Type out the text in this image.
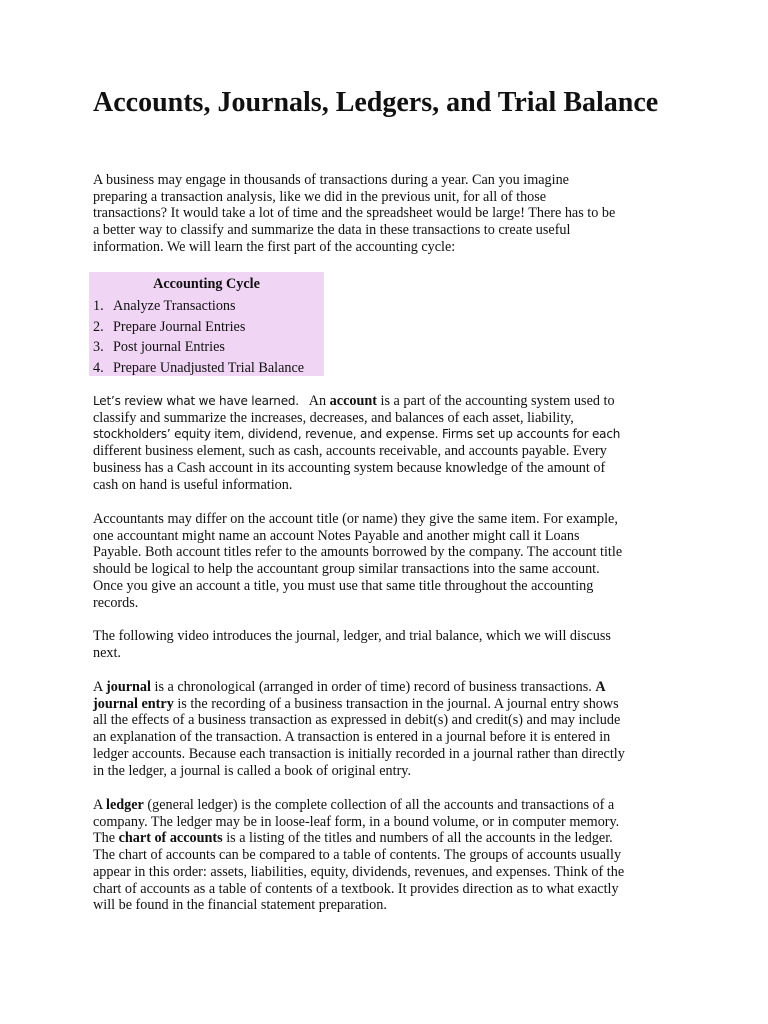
Accounts, Journals, Ledgers, and Trial Balance

A business may engage in thousands of transactions during a year. Can you imagine
preparing a transaction analysis, like we did in the previous unit, for all of those
transactions? It would take a lot of time and the spreadsheet would be large! There has to be
a better way to classify and summarize the data in these transactions to create useful
information. We will learn the first part of the accounting cycle:

Accounting Cycle

1. Analyze Transactions
2. Prepare Journal Entries
3. Post journal Entries
4. Prepare Unadjusted Trial Balance

Let’s review what we have learned.   An account is a part of the accounting system used to
classify and summarize the increases, decreases, and balances of each asset, liability,
stockholders’ equity item, dividend, revenue, and expense. Firms set up accounts for each
different business element, such as cash, accounts receivable, and accounts payable. Every
business has a Cash account in its accounting system because knowledge of the amount of
cash on hand is useful information.

Accountants may differ on the account title (or name) they give the same item. For example,
one accountant might name an account Notes Payable and another might call it Loans
Payable. Both account titles refer to the amounts borrowed by the company. The account title
should be logical to help the accountant group similar transactions into the same account.
Once you give an account a title, you must use that same title throughout the accounting
records.

The following video introduces the journal, ledger, and trial balance, which we will discuss
next.

A journal is a chronological (arranged in order of time) record of business transactions. A
journal entry is the recording of a business transaction in the journal. A journal entry shows
all the effects of a business transaction as expressed in debit(s) and credit(s) and may include
an explanation of the transaction. A transaction is entered in a journal before it is entered in
ledger accounts. Because each transaction is initially recorded in a journal rather than directly
in the ledger, a journal is called a book of original entry.

A ledger (general ledger) is the complete collection of all the accounts and transactions of a
company. The ledger may be in loose-leaf form, in a bound volume, or in computer memory.
The chart of accounts is a listing of the titles and numbers of all the accounts in the ledger.
The chart of accounts can be compared to a table of contents. The groups of accounts usually
appear in this order: assets, liabilities, equity, dividends, revenues, and expenses. Think of the
chart of accounts as a table of contents of a textbook. It provides direction as to what exactly
will be found in the financial statement preparation.
